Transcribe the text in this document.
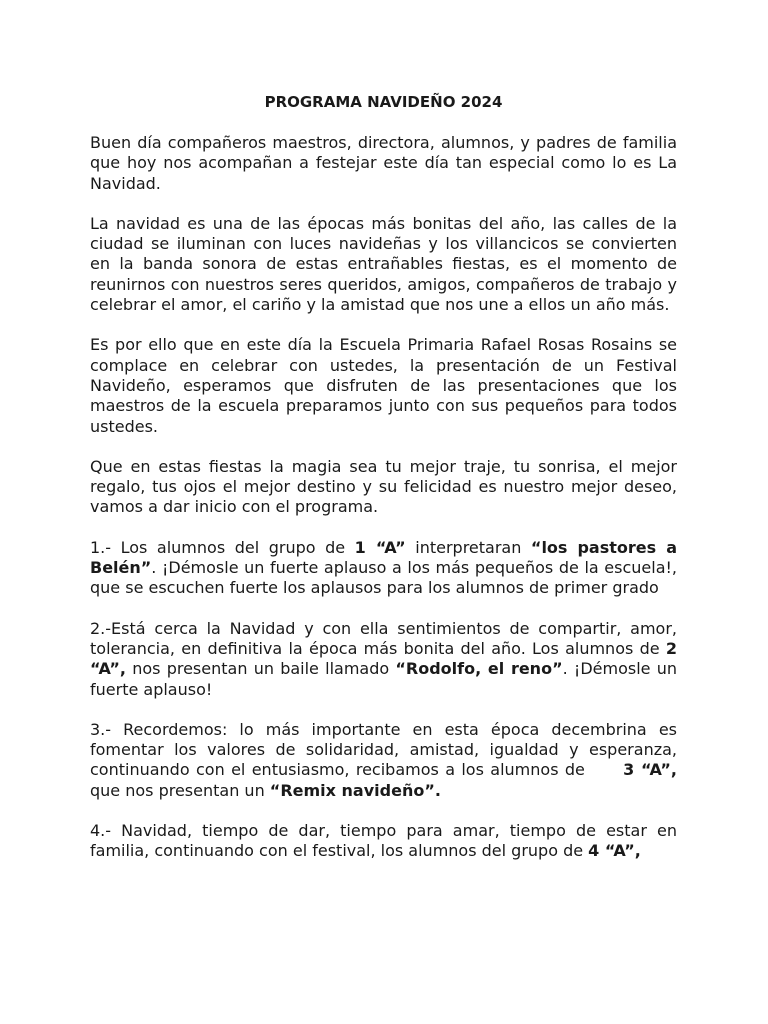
PROGRAMA NAVIDEÑO 2024

Buen día compañeros maestros, directora, alumnos, y padres de familia que hoy nos acompañan a festejar este día tan especial como lo es La Navidad.

La navidad es una de las épocas más bonitas del año, las calles de la ciudad se iluminan con luces navideñas y los villancicos se convierten en la banda sonora de estas entrañables fiestas, es el momento de reunirnos con nuestros seres queridos, amigos, compañeros de trabajo y celebrar el amor, el cariño y la amistad que nos une a ellos un año más.

Es por ello que en este día la Escuela Primaria Rafael Rosas Rosains se complace en celebrar con ustedes, la presentación de un Festival Navideño, esperamos que disfruten de las presentaciones que los maestros de la escuela preparamos junto con sus pequeños para todos ustedes.

Que en estas fiestas la magia sea tu mejor traje, tu sonrisa, el mejor regalo, tus ojos el mejor destino y su felicidad es nuestro mejor deseo, vamos a dar inicio con el programa.

1.- Los alumnos del grupo de 1 “A” interpretaran “los pastores a Belén”. ¡Démosle un fuerte aplauso a los más pequeños de la escuela!, que se escuchen fuerte los aplausos para los alumnos de primer grado

2.-Está cerca la Navidad y con ella sentimientos de compartir, amor, tolerancia, en definitiva la época más bonita del año. Los alumnos de 2 “A”, nos presentan un baile llamado “Rodolfo, el reno”. ¡Démosle un fuerte aplauso!

3.- Recordemos: lo más importante en esta época decembrina es fomentar los valores de solidaridad, amistad, igualdad y esperanza, continuando con el entusiasmo, recibamos a los alumnos de      3 “A”, que nos presentan un “Remix navideño”.

4.- Navidad, tiempo de dar, tiempo para amar, tiempo de estar en familia, continuando con el festival, los alumnos del grupo de 4 “A”,
